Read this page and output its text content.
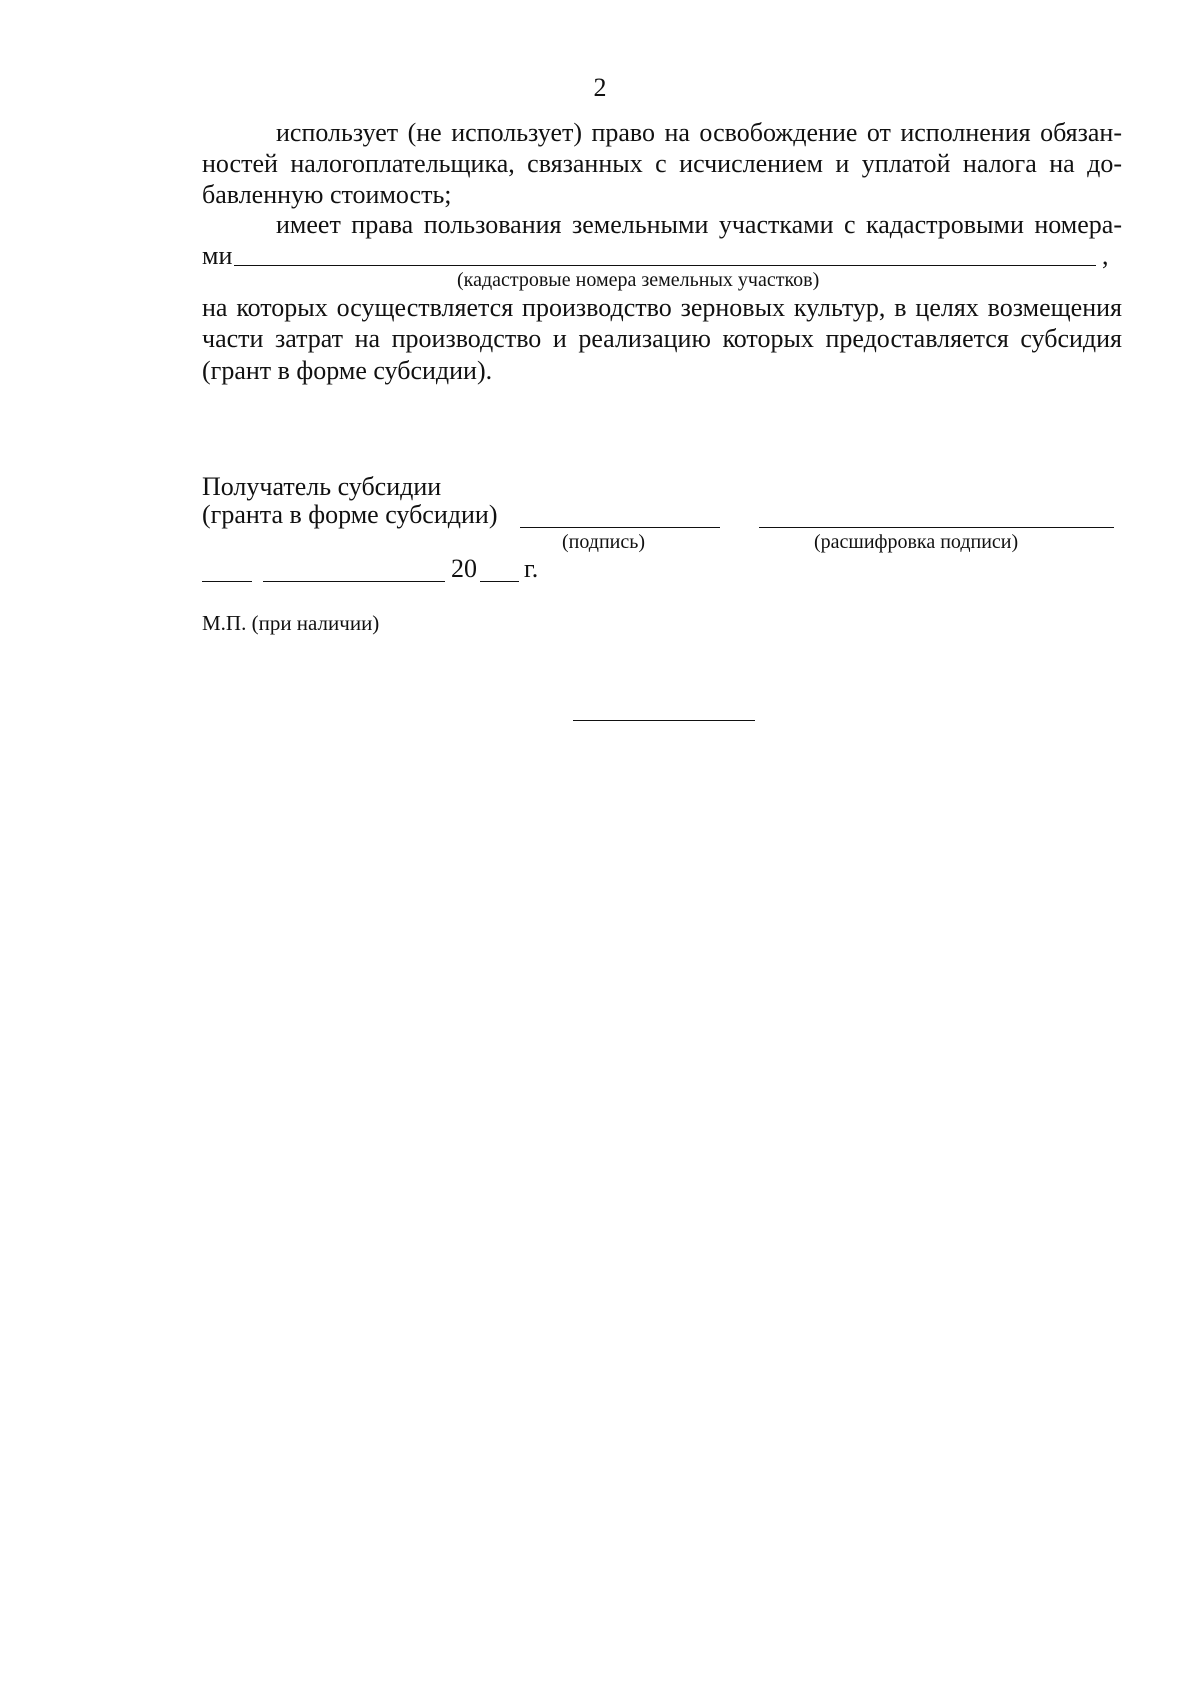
2
использует (не использует) право на освобождение от исполнения обязан-
ностей налогоплательщика, связанных с исчислением и уплатой налога на до-
бавленную стоимость;
имеет права пользования земельными участками с кадастровыми номера-
ми	,
(кадастровые номера земельных участков)
на которых осуществляется производство зерновых культур, в целях возмещения
части затрат на производство и реализацию которых предоставляется субсидия
(грант в форме субсидии).
Получатель субсидии
(гранта в форме субсидии)
(подпись)	(расшифровка подписи)
20 г.
М.П. (при наличии)
